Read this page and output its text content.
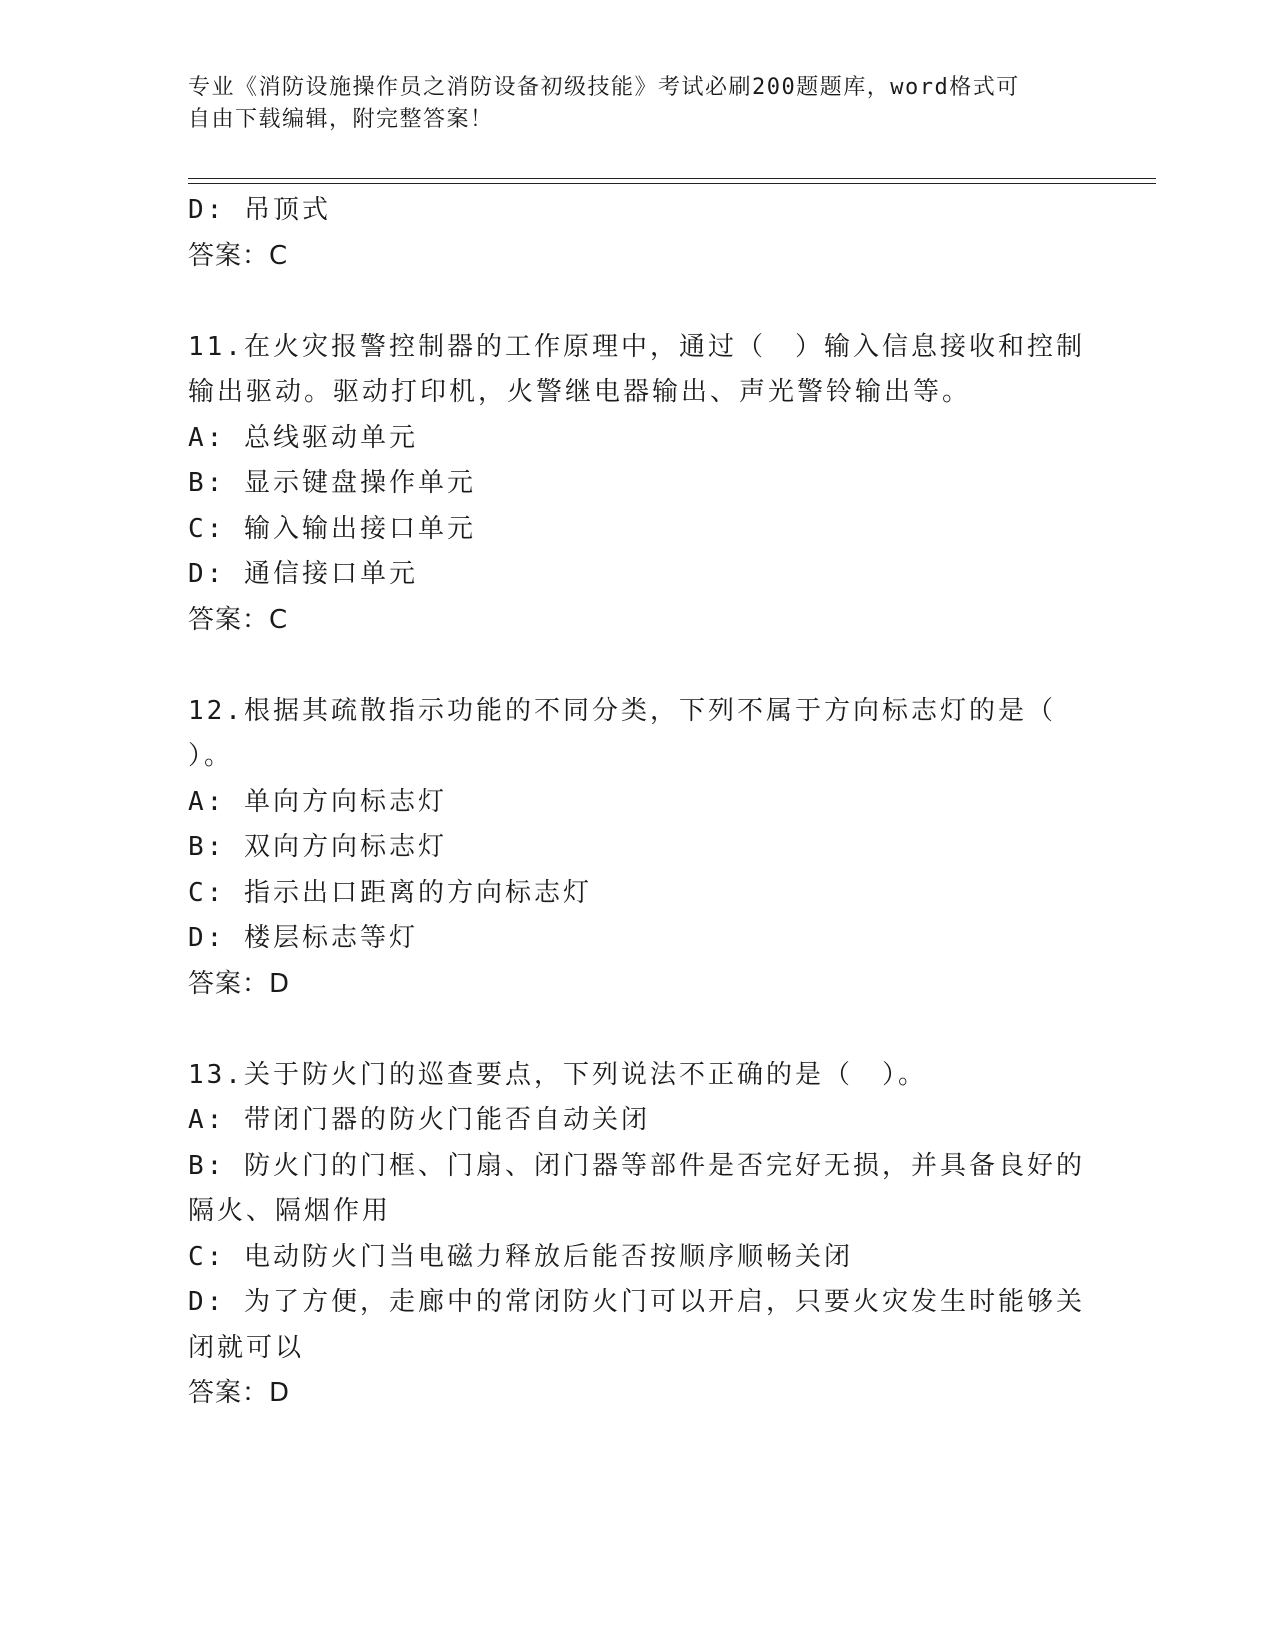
专业《消防设施操作员之消防设备初级技能》考试必刷200题题库，word格式可
自由下载编辑，附完整答案！
D: 吊顶式
答案：C
11.在火灾报警控制器的工作原理中，通过（　）输入信息接收和控制
输出驱动。驱动打印机，火警继电器输出、声光警铃输出等。
A: 总线驱动单元
B: 显示键盘操作单元
C: 输入输出接口单元
D: 通信接口单元
答案：C
12.根据其疏散指示功能的不同分类，下列不属于方向标志灯的是（
）。
A: 单向方向标志灯
B: 双向方向标志灯
C: 指示出口距离的方向标志灯
D: 楼层标志等灯
答案：D
13.关于防火门的巡查要点，下列说法不正确的是（　）。
A: 带闭门器的防火门能否自动关闭
B: 防火门的门框、门扇、闭门器等部件是否完好无损，并具备良好的
隔火、隔烟作用
C: 电动防火门当电磁力释放后能否按顺序顺畅关闭
D: 为了方便，走廊中的常闭防火门可以开启，只要火灾发生时能够关
闭就可以
答案：D
